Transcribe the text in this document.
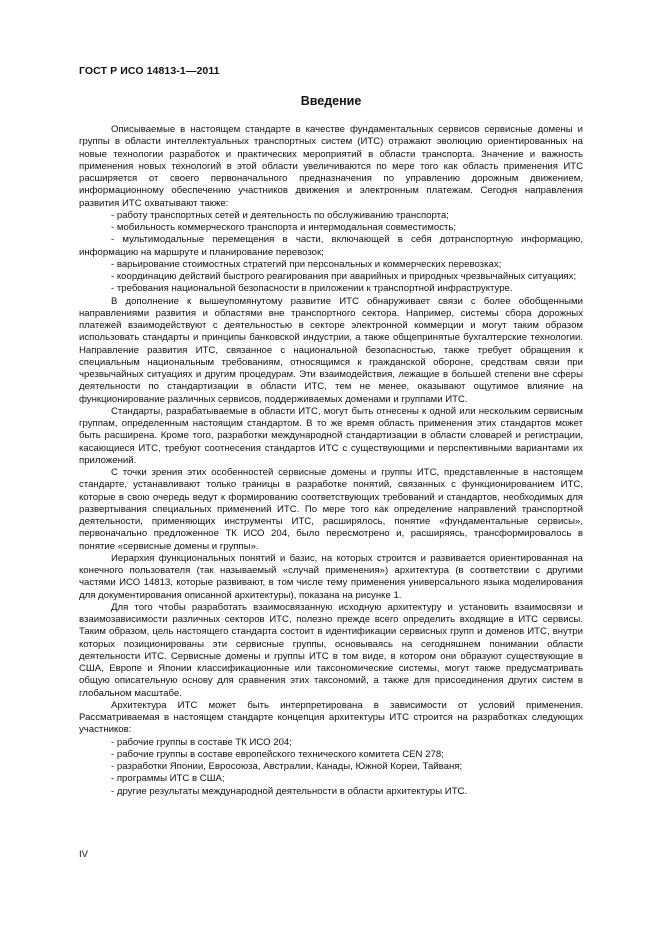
ГОСТ Р ИСО 14813-1—2011
Введение

Описываемые в настоящем стандарте в качестве фундаментальных сервисов сервисные домены и группы в области интеллектуальных транспортных систем (ИТС) отражают эволюцию ориентированных на новые технологии разработок и практических мероприятий в области транспорта. Значение и важность применения новых технологий в этой области увеличиваются по мере того как область применения ИТС расширяется от своего первоначального предназначения по управлению дорожным движением, информационному обеспечению участников движения и электронным платежам. Сегодня направления развития ИТС охватывают также:

- работу транспортных сетей и деятельность по обслуживанию транспорта;

- мобильность коммерческого транспорта и интермодальная совместимость;

- мультимодальные перемещения в части, включающей в себя дотранспортную информацию, информацию на маршруте и планирование перевозок;

- варьирование стоимостных стратегий при персональных и коммерческих перевозках;

- координацию действий быстрого реагирования при аварийных и природных чрезвычайных ситуациях;

- требования национальной безопасности в приложении к транспортной инфраструктуре.

В дополнение к вышеупомянутому развитие ИТС обнаруживает связи с более обобщенными направлениями развития и областями вне транспортного сектора. Например, системы сбора дорожных платежей взаимодействуют с деятельностью в секторе электронной коммерции и могут таким образом использовать стандарты и принципы банковской индустрии, а также общепринятые бухгалтерские технологии. Направление развития ИТС, связанное с национальной безопасностью, также требует обращения к специальным национальным требованиям, относящимся к гражданской обороне, средствам связи при чрезвычайных ситуациях и другим процедурам. Эти взаимодействия, лежащие в большей степени вне сферы деятельности по стандартизации в области ИТС, тем не менее, оказывают ощутимое влияние на функционирование различных сервисов, поддерживаемых доменами и группами ИТС.

Стандарты, разрабатываемые в области ИТС, могут быть отнесены к одной или нескольким сервисным группам, определенным настоящим стандартом. В то же время область применения этих стандартов может быть расширена. Кроме того, разработки международной стандартизации в области словарей и регистрации, касающиеся ИТС, требуют соотнесения стандартов ИТС с существующими и перспективными вариантами их приложений.

С точки зрения этих особенностей сервисные домены и группы ИТС, представленные в настоящем стандарте, устанавливают только границы в разработке понятий, связанных с функционированием ИТС, которые в свою очередь ведут к формированию соответствующих требований и стандартов, необходимых для развертывания специальных применений ИТС. По мере того как определение направлений транспортной деятельности, применяющих инструменты ИТС, расширялось, понятие «фундаментальные сервисы», первоначально предложенное ТК ИСО 204, было пересмотрено и, расширяясь, трансформировалось в понятие «сервисные домены и группы».

Иерархия функциональных понятий и базис, на которых строится и развивается ориентированная на конечного пользователя (так называемый «случай применения») архитектура (в соответствии с другими частями ИСО 14813, которые развивают, в том числе тему применения универсального языка моделирования для документирования описанной архитектуры), показана на рисунке 1.

Для того чтобы разработать взаимосвязанную исходную архитектуру и установить взаимосвязи и взаимозависимости различных секторов ИТС, полезно прежде всего определить входящие в ИТС сервисы. Таким образом, цель настоящего стандарта состоит в идентификации сервисных групп и доменов ИТС, внутри которых позиционированы эти сервисные группы, основываясь на сегодняшнем понимании области деятельности ИТС. Сервисные домены и группы ИТС в том виде, в котором они образуют существующие в США, Европе и Японии классификационные или таксономические системы, могут также предусматривать общую описательную основу для сравнения этих таксономий, а также для присоединения других систем в глобальном масштабе.

Архитектура ИТС может быть интерпретирована в зависимости от условий применения. Рассматриваемая в настоящем стандарте концепция архитектуры ИТС строится на разработках следующих участников:

- рабочие группы в составе ТК ИСО 204;

- рабочие группы в составе европейского технического комитета CEN 278;

- разработки Японии, Евросоюза, Австралии, Канады, Южной Кореи, Тайваня;

- программы ИТС в США;

- другие результаты международной деятельности в области архитектуры ИТС.

IV
